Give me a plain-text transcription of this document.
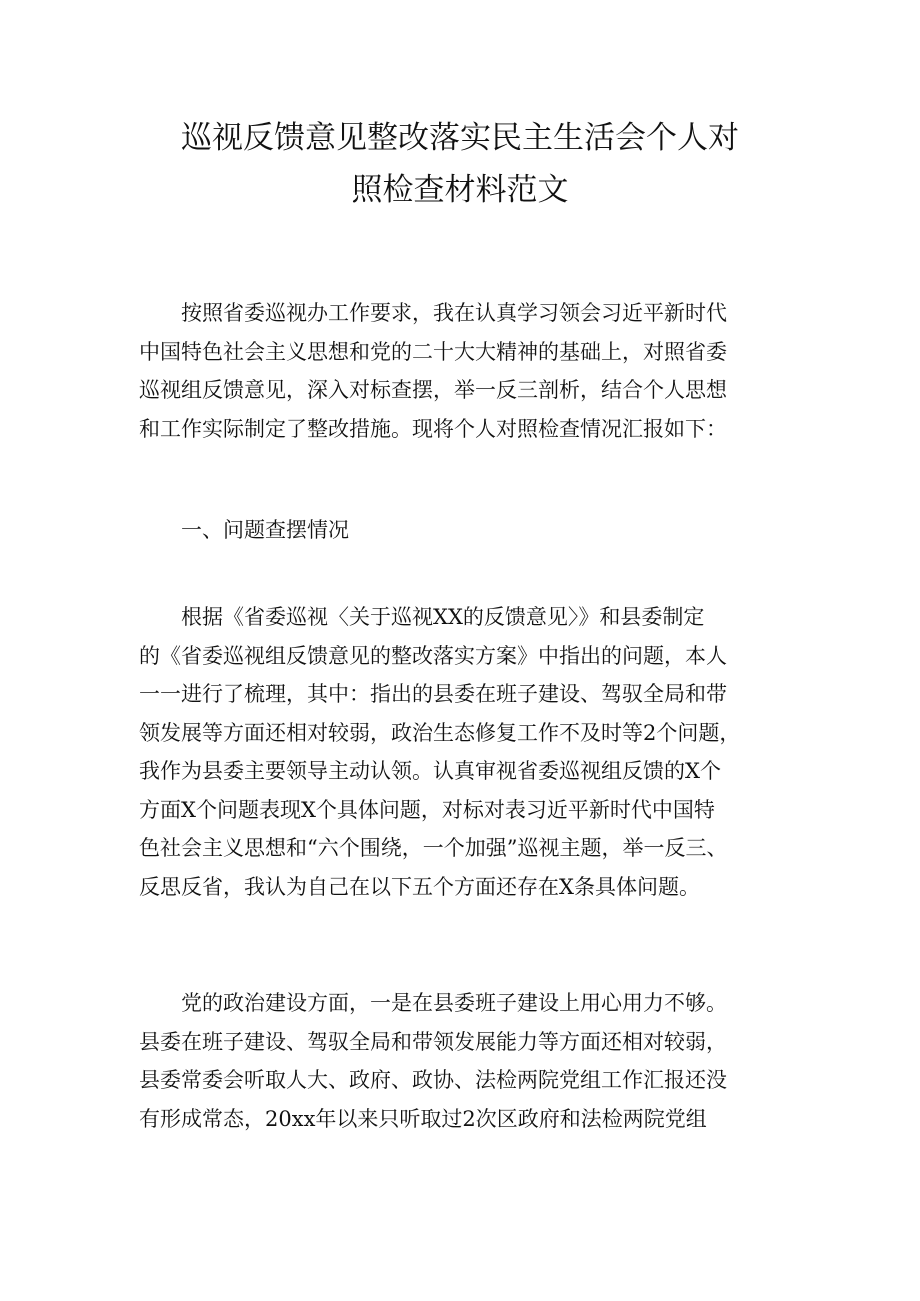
巡视反馈意见整改落实民主生活会个人对
照检查材料范文
按照省委巡视办工作要求，我在认真学习领会习近平新时代
中国特色社会主义思想和党的二十大大精神的基础上，对照省委
巡视组反馈意见，深入对标查摆，举一反三剖析，结合个人思想
和工作实际制定了整改措施。现将个人对照检查情况汇报如下：
一、问题查摆情况
根据《省委巡视〈关于巡视XX的反馈意见〉》和县委制定
的《省委巡视组反馈意见的整改落实方案》中指出的问题，本人
一一进行了梳理，其中：指出的县委在班子建设、驾驭全局和带
领发展等方面还相对较弱，政治生态修复工作不及时等2个问题，
我作为县委主要领导主动认领。认真审视省委巡视组反馈的X个
方面X个问题表现X个具体问题，对标对表习近平新时代中国特
色社会主义思想和“六个围绕，一个加强”巡视主题，举一反三、
反思反省，我认为自己在以下五个方面还存在X条具体问题。
党的政治建设方面，一是在县委班子建设上用心用力不够。
县委在班子建设、驾驭全局和带领发展能力等方面还相对较弱，
县委常委会听取人大、政府、政协、法检两院党组工作汇报还没
有形成常态，20xx年以来只听取过2次区政府和法检两院党组
